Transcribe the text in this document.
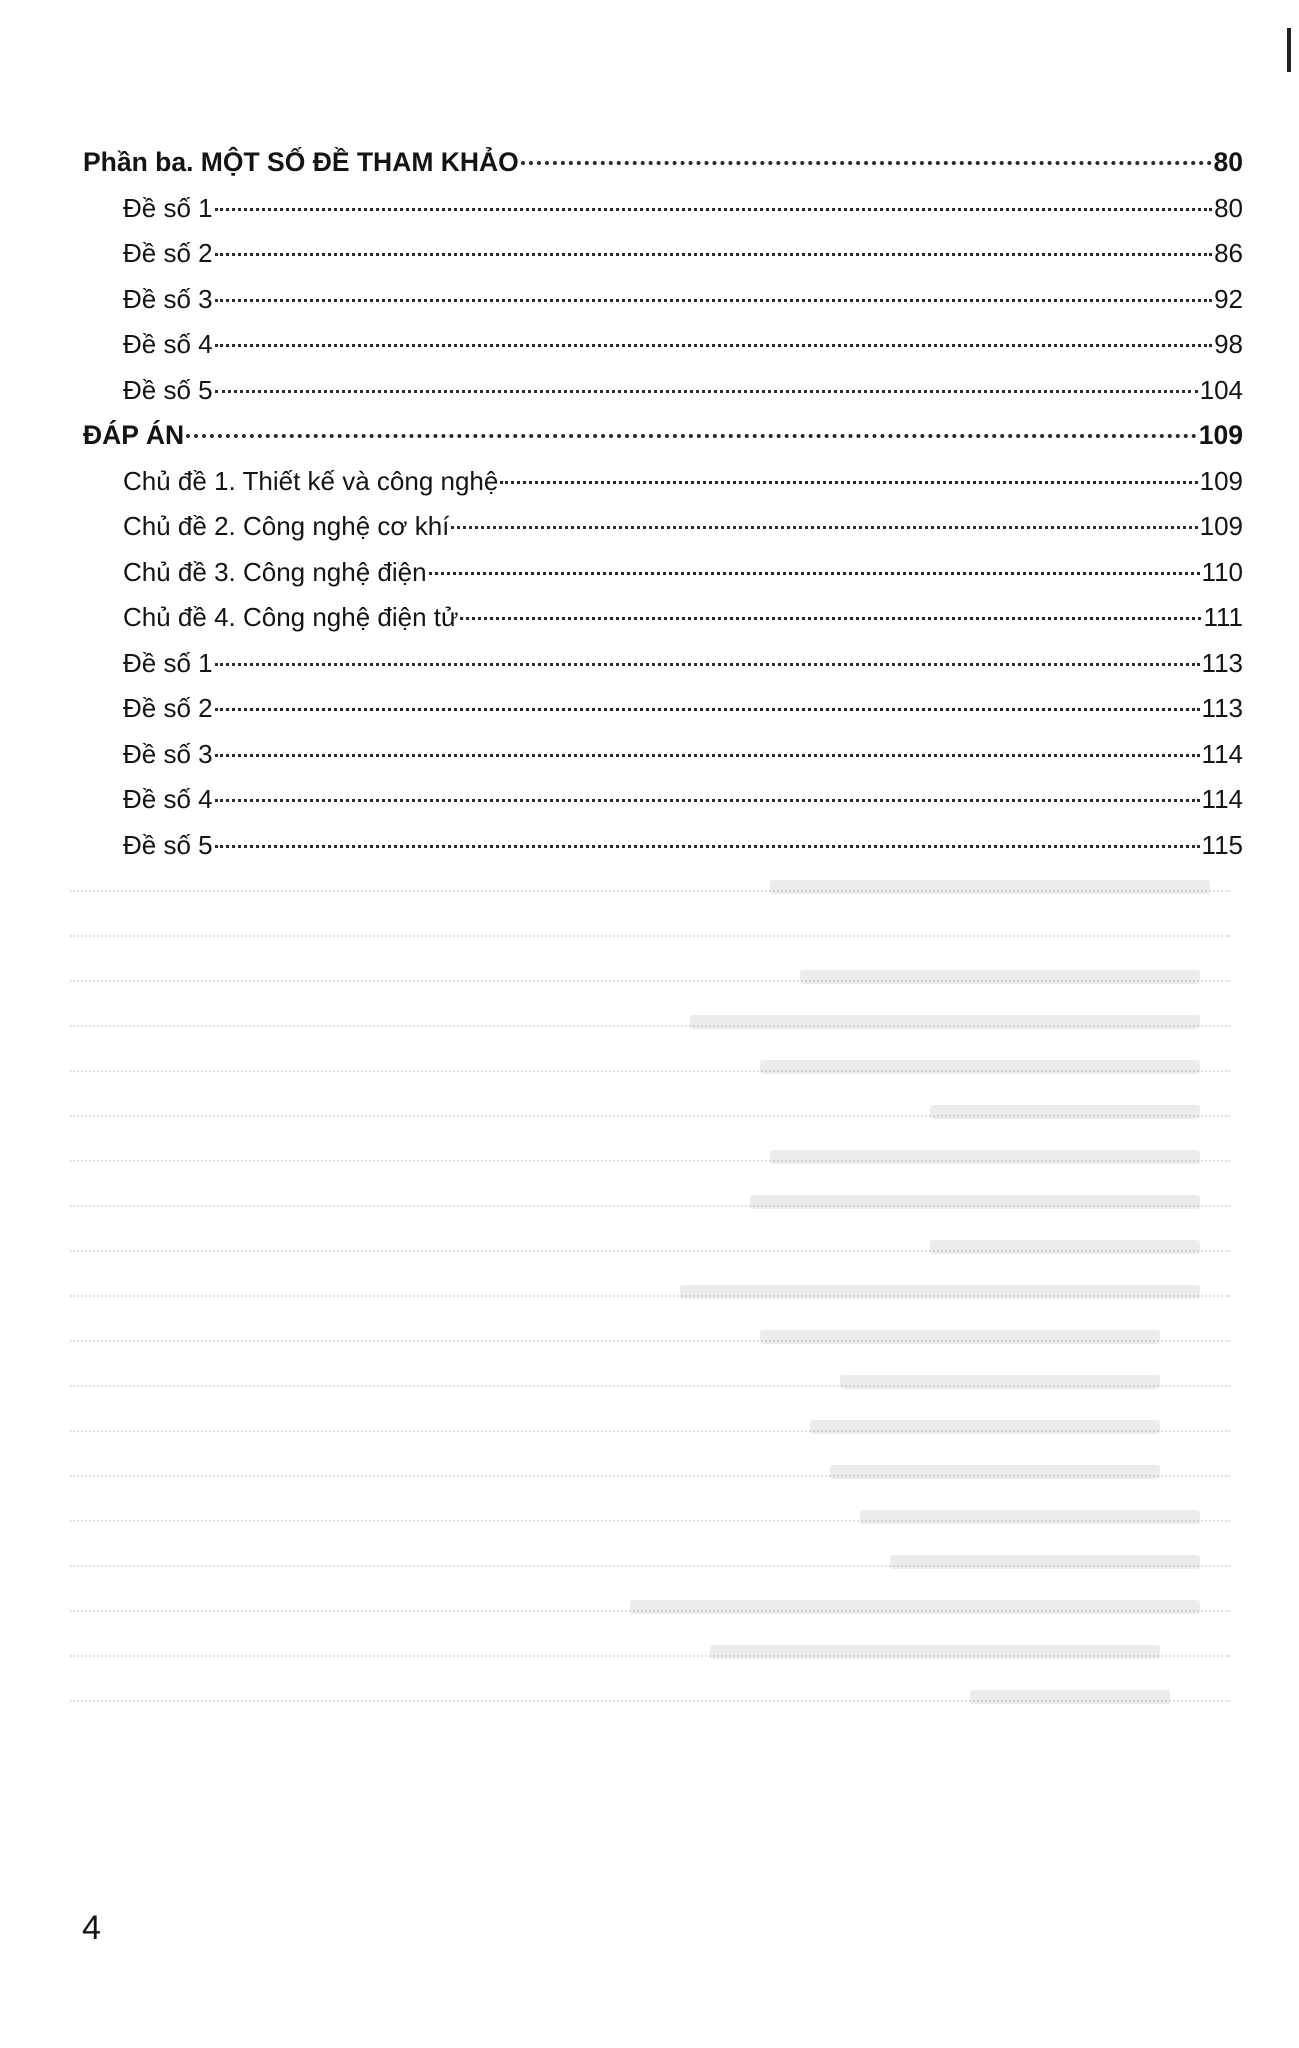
Phần ba. MỘT SỐ ĐỀ THAM KHẢO	80
Đề số 1	80
Đề số 2	86
Đề số 3	92
Đề số 4	98
Đề số 5	104
ĐÁP ÁN	109
Chủ đề 1. Thiết kế và công nghệ	109
Chủ đề 2. Công nghệ cơ khí	109
Chủ đề 3. Công nghệ điện	110
Chủ đề 4. Công nghệ điện tử	111
Đề số 1	113
Đề số 2	113
Đề số 3	114
Đề số 4	114
Đề số 5	115
4
